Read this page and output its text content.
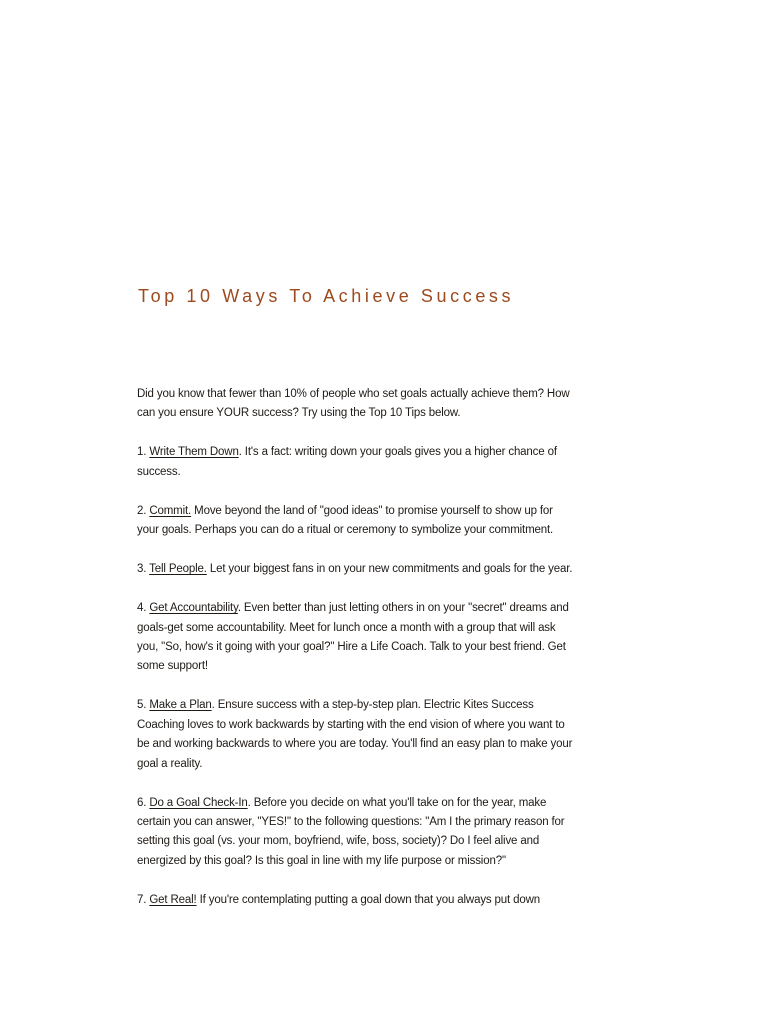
Top 10 Ways To Achieve Success

Did you know that fewer than 10% of people who set goals actually achieve them? How can you ensure YOUR success? Try using the Top 10 Tips below.

1. Write Them Down. It's a fact: writing down your goals gives you a higher chance of success.

2. Commit. Move beyond the land of "good ideas" to promise yourself to show up for your goals. Perhaps you can do a ritual or ceremony to symbolize your commitment.

3. Tell People. Let your biggest fans in on your new commitments and goals for the year.

4. Get Accountability. Even better than just letting others in on your "secret" dreams and goals-get some accountability. Meet for lunch once a month with a group that will ask you, "So, how's it going with your goal?" Hire a Life Coach. Talk to your best friend. Get some support!

5. Make a Plan. Ensure success with a step-by-step plan. Electric Kites Success Coaching loves to work backwards by starting with the end vision of where you want to be and working backwards to where you are today. You'll find an easy plan to make your goal a reality.

6. Do a Goal Check-In. Before you decide on what you'll take on for the year, make certain you can answer, "YES!" to the following questions: "Am I the primary reason for setting this goal (vs. your mom, boyfriend, wife, boss, society)? Do I feel alive and energized by this goal? Is this goal in line with my life purpose or mission?"

7. Get Real! If you're contemplating putting a goal down that you always put down
